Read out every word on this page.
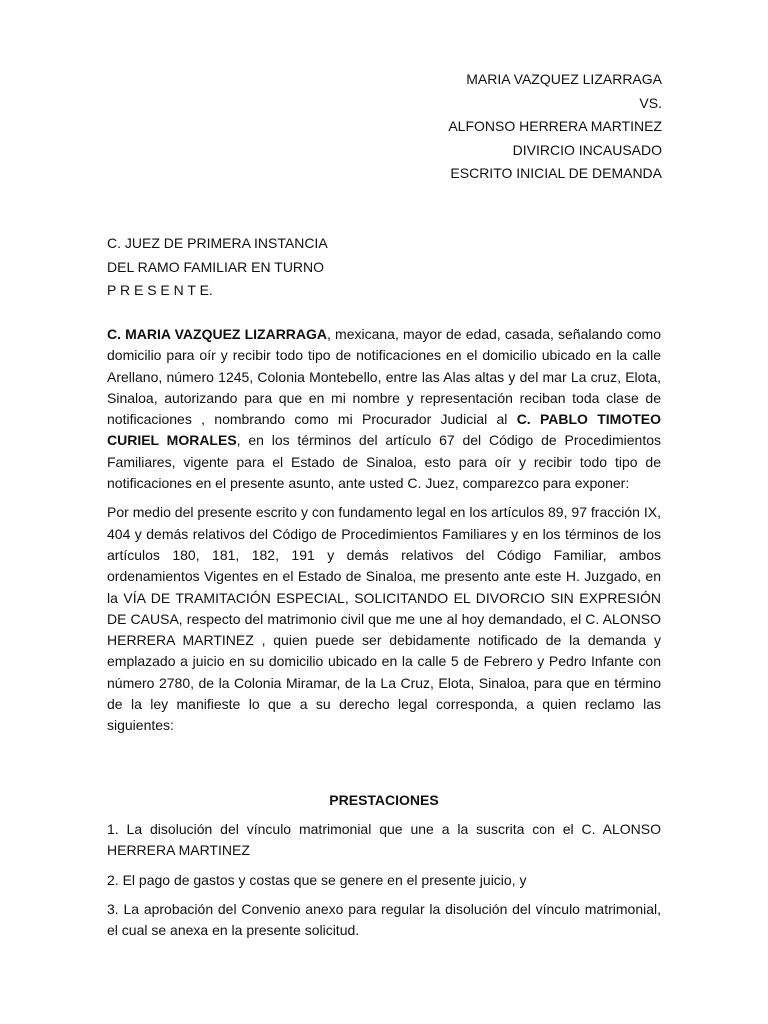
MARIA VAZQUEZ LIZARRAGA
VS.
ALFONSO HERRERA MARTINEZ
DIVIRCIO INCAUSADO
ESCRITO INICIAL DE DEMANDA
C. JUEZ DE PRIMERA INSTANCIA
DEL RAMO FAMILIAR EN TURNO
P R E S E N T E.

C. MARIA VAZQUEZ LIZARRAGA, mexicana, mayor de edad, casada, señalando como domicilio para oír y recibir todo tipo de notificaciones en el domicilio ubicado en la calle Arellano, número 1245, Colonia Montebello, entre las Alas altas y del mar La cruz, Elota, Sinaloa, autorizando para que en mi nombre y representación reciban toda clase de notificaciones , nombrando como mi Procurador Judicial al C. PABLO TIMOTEO CURIEL MORALES, en los términos del artículo 67 del Código de Procedimientos Familiares, vigente para el Estado de Sinaloa, esto para oír y recibir todo tipo de notificaciones en el presente asunto, ante usted C. Juez, comparezco para exponer:

Por medio del presente escrito y con fundamento legal en los artículos 89, 97 fracción IX, 404 y demás relativos del Código de Procedimientos Familiares y en los términos de los artículos 180, 181, 182, 191 y demás relativos del Código Familiar, ambos ordenamientos Vigentes en el Estado de Sinaloa, me presento ante este H. Juzgado, en la VÍA DE TRAMITACIÓN ESPECIAL, SOLICITANDO EL DIVORCIO SIN EXPRESIÓN DE CAUSA, respecto del matrimonio civil que me une al hoy demandado, el C. ALONSO HERRERA MARTINEZ , quien puede ser debidamente notificado de la demanda y emplazado a juicio en su domicilio ubicado en la calle 5 de Febrero y Pedro Infante con número 2780, de la Colonia Miramar, de la La Cruz, Elota, Sinaloa, para que en término de la ley manifieste lo que a su derecho legal corresponda, a quien reclamo las siguientes:

PRESTACIONES

1. La disolución del vínculo matrimonial que une a la suscrita con el C. ALONSO HERRERA MARTINEZ

2. El pago de gastos y costas que se genere en el presente juicio, y

3. La aprobación del Convenio anexo para regular la disolución del vínculo matrimonial, el cual se anexa en la presente solicitud.
